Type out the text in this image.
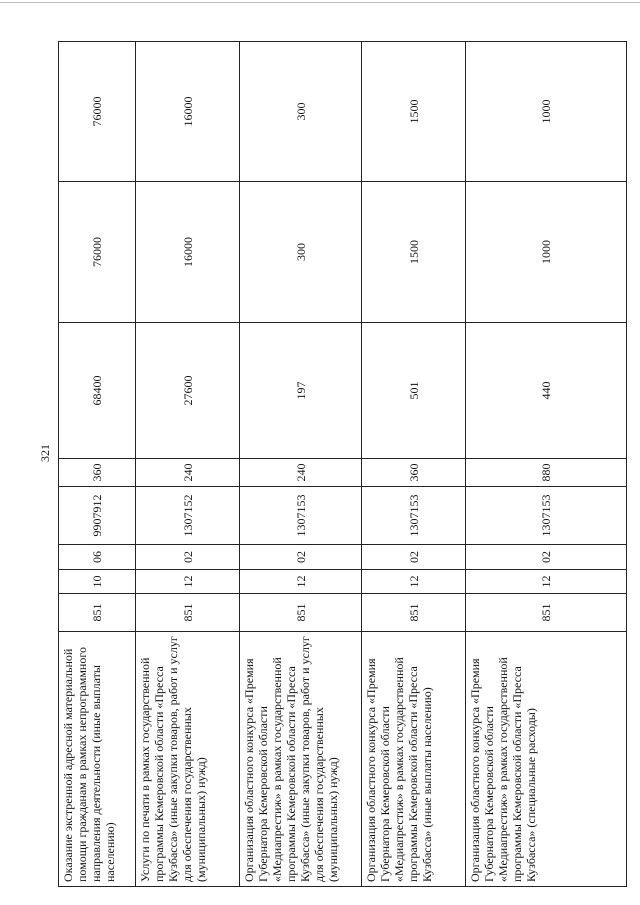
321
Оказание экстренной адресной материальной помощи гражданам в рамках непрограммного направления деятельности (иные выплаты населению)	851	10	06	9907912	360	68400	76000	76000
Услуги по печати в рамках государственной программы Кемеровской области «Пресса Кузбасса» (иные закупки товаров, работ и услуг для обеспечения государственных (муниципальных) нужд)	851	12	02	1307152	240	27600	16000	16000
Организация областного конкурса «Премия Губернатора Кемеровской области «Медиапрестиж» в рамках государственной программы Кемеровской области «Пресса Кузбасса» (иные закупки товаров, работ и услуг для обеспечения государственных (муниципальных) нужд)	851	12	02	1307153	240	197	300	300
Организация областного конкурса «Премия Губернатора Кемеровской области «Медиапрестиж» в рамках государственной программы Кемеровской области «Пресса Кузбасса» (иные выплаты населению)	851	12	02	1307153	360	501	1500	1500
Организация областного конкурса «Премия Губернатора Кемеровской области «Медиапрестиж» в рамках государственной программы Кемеровской области «Пресса Кузбасса» (специальные расходы)	851	12	02	1307153	880	440	1000	1000
